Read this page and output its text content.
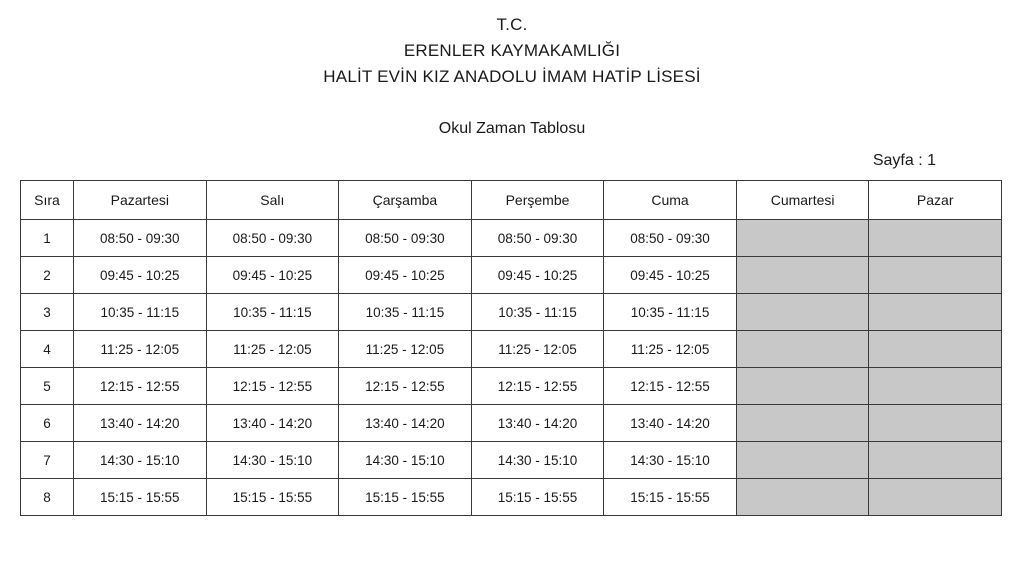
T.C.
ERENLER KAYMAKAMLIĞI
HALİT EVİN KIZ ANADOLU İMAM HATİP LİSESİ
Okul Zaman Tablosu
Sayfa : 1
Sıra	Pazartesi	Salı	Çarşamba	Perşembe	Cuma	Cumartesi	Pazar
1	08:50 - 09:30	08:50 - 09:30	08:50 - 09:30	08:50 - 09:30	08:50 - 09:30		
2	09:45 - 10:25	09:45 - 10:25	09:45 - 10:25	09:45 - 10:25	09:45 - 10:25		
3	10:35 - 11:15	10:35 - 11:15	10:35 - 11:15	10:35 - 11:15	10:35 - 11:15		
4	11:25 - 12:05	11:25 - 12:05	11:25 - 12:05	11:25 - 12:05	11:25 - 12:05		
5	12:15 - 12:55	12:15 - 12:55	12:15 - 12:55	12:15 - 12:55	12:15 - 12:55		
6	13:40 - 14:20	13:40 - 14:20	13:40 - 14:20	13:40 - 14:20	13:40 - 14:20		
7	14:30 - 15:10	14:30 - 15:10	14:30 - 15:10	14:30 - 15:10	14:30 - 15:10		
8	15:15 - 15:55	15:15 - 15:55	15:15 - 15:55	15:15 - 15:55	15:15 - 15:55		
